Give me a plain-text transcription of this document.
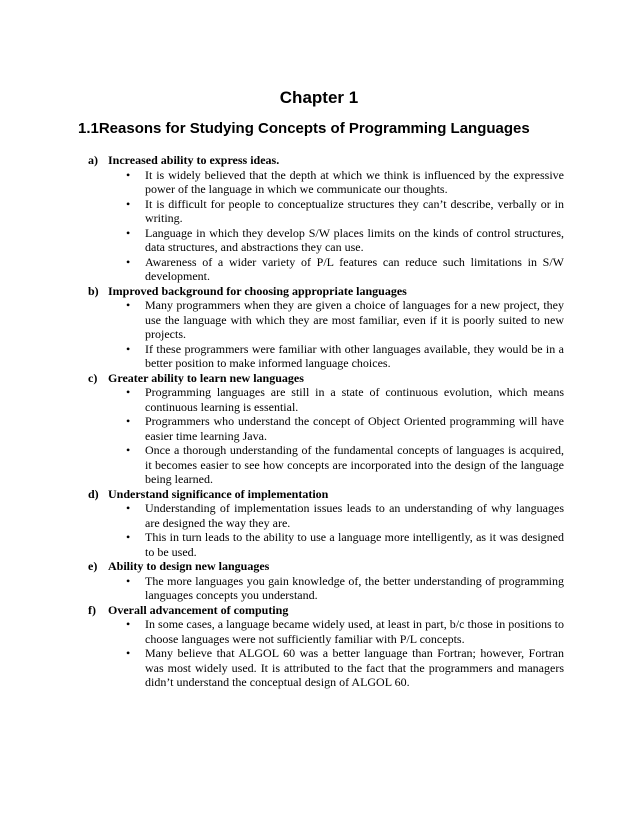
Chapter 1
1.1Reasons for Studying Concepts of Programming Languages
a) Increased ability to express ideas.
• It is widely believed that the depth at which we think is influenced by the expressive power of the language in which we communicate our thoughts.
• It is difficult for people to conceptualize structures they can’t describe, verbally or in writing.
• Language in which they develop S/W places limits on the kinds of control structures, data structures, and abstractions they can use.
• Awareness of a wider variety of P/L features can reduce such limitations in S/W development.
b) Improved background for choosing appropriate languages
• Many programmers when they are given a choice of languages for a new project, they use the language with which they are most familiar, even if it is poorly suited to new projects.
• If these programmers were familiar with other languages available, they would be in a better position to make informed language choices.
c) Greater ability to learn new languages
• Programming languages are still in a state of continuous evolution, which means continuous learning is essential.
• Programmers who understand the concept of Object Oriented programming will have easier time learning Java.
• Once a thorough understanding of the fundamental concepts of languages is acquired, it becomes easier to see how concepts are incorporated into the design of the language being learned.
d) Understand significance of implementation
• Understanding of implementation issues leads to an understanding of why languages are designed the way they are.
• This in turn leads to the ability to use a language more intelligently, as it was designed to be used.
e) Ability to design new languages
• The more languages you gain knowledge of, the better understanding of programming languages concepts you understand.
f)	Overall advancement of computing
• In some cases, a language became widely used, at least in part, b/c those in positions to choose languages were not sufficiently familiar with P/L concepts.
• Many believe that ALGOL 60 was a better language than Fortran; however, Fortran was most widely used. It is attributed to the fact that the programmers and managers didn’t understand the conceptual design of ALGOL 60.
